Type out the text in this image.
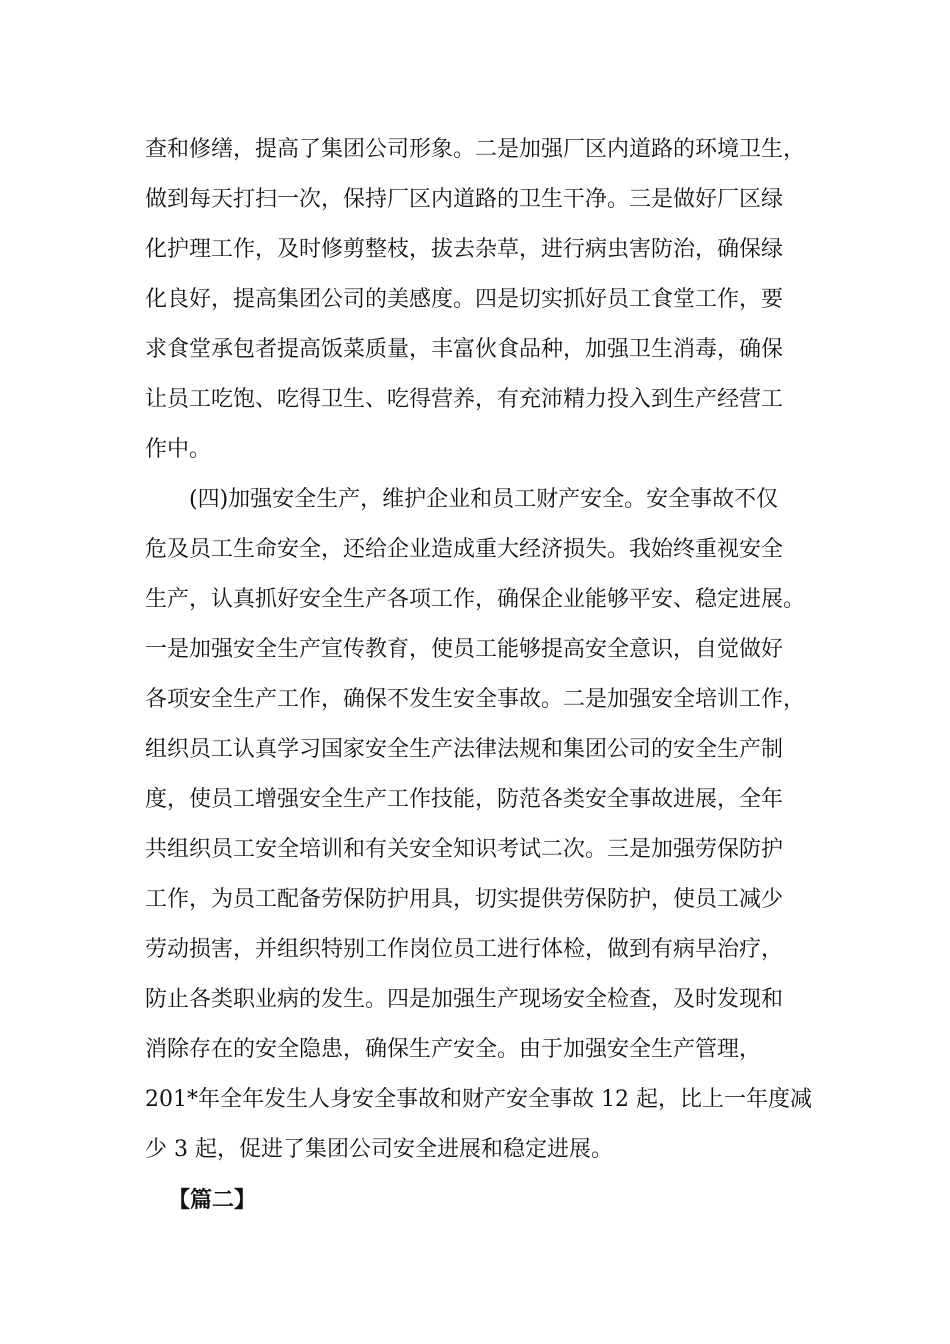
查和修缮，提高了集团公司形象。二是加强厂区内道路的环境卫生，
做到每天打扫一次，保持厂区内道路的卫生干净。三是做好厂区绿
化护理工作，及时修剪整枝，拔去杂草，进行病虫害防治，确保绿
化良好，提高集团公司的美感度。四是切实抓好员工食堂工作，要
求食堂承包者提高饭菜质量，丰富伙食品种，加强卫生消毒，确保
让员工吃饱、吃得卫生、吃得营养，有充沛精力投入到生产经营工
作中。
(四)加强安全生产，维护企业和员工财产安全。安全事故不仅
危及员工生命安全，还给企业造成重大经济损失。我始终重视安全
生产，认真抓好安全生产各项工作，确保企业能够平安、稳定进展。
一是加强安全生产宣传教育，使员工能够提高安全意识，自觉做好
各项安全生产工作，确保不发生安全事故。二是加强安全培训工作，
组织员工认真学习国家安全生产法律法规和集团公司的安全生产制
度，使员工增强安全生产工作技能，防范各类安全事故进展，全年
共组织员工安全培训和有关安全知识考试二次。三是加强劳保防护
工作，为员工配备劳保防护用具，切实提供劳保防护，使员工减少
劳动损害，并组织特别工作岗位员工进行体检，做到有病早治疗，
防止各类职业病的发生。四是加强生产现场安全检查，及时发现和
消除存在的安全隐患，确保生产安全。由于加强安全生产管理，
201*年全年发生人身安全事故和财产安全事故 12 起，比上一年度减
少 3 起，促进了集团公司安全进展和稳定进展。
【篇二】
